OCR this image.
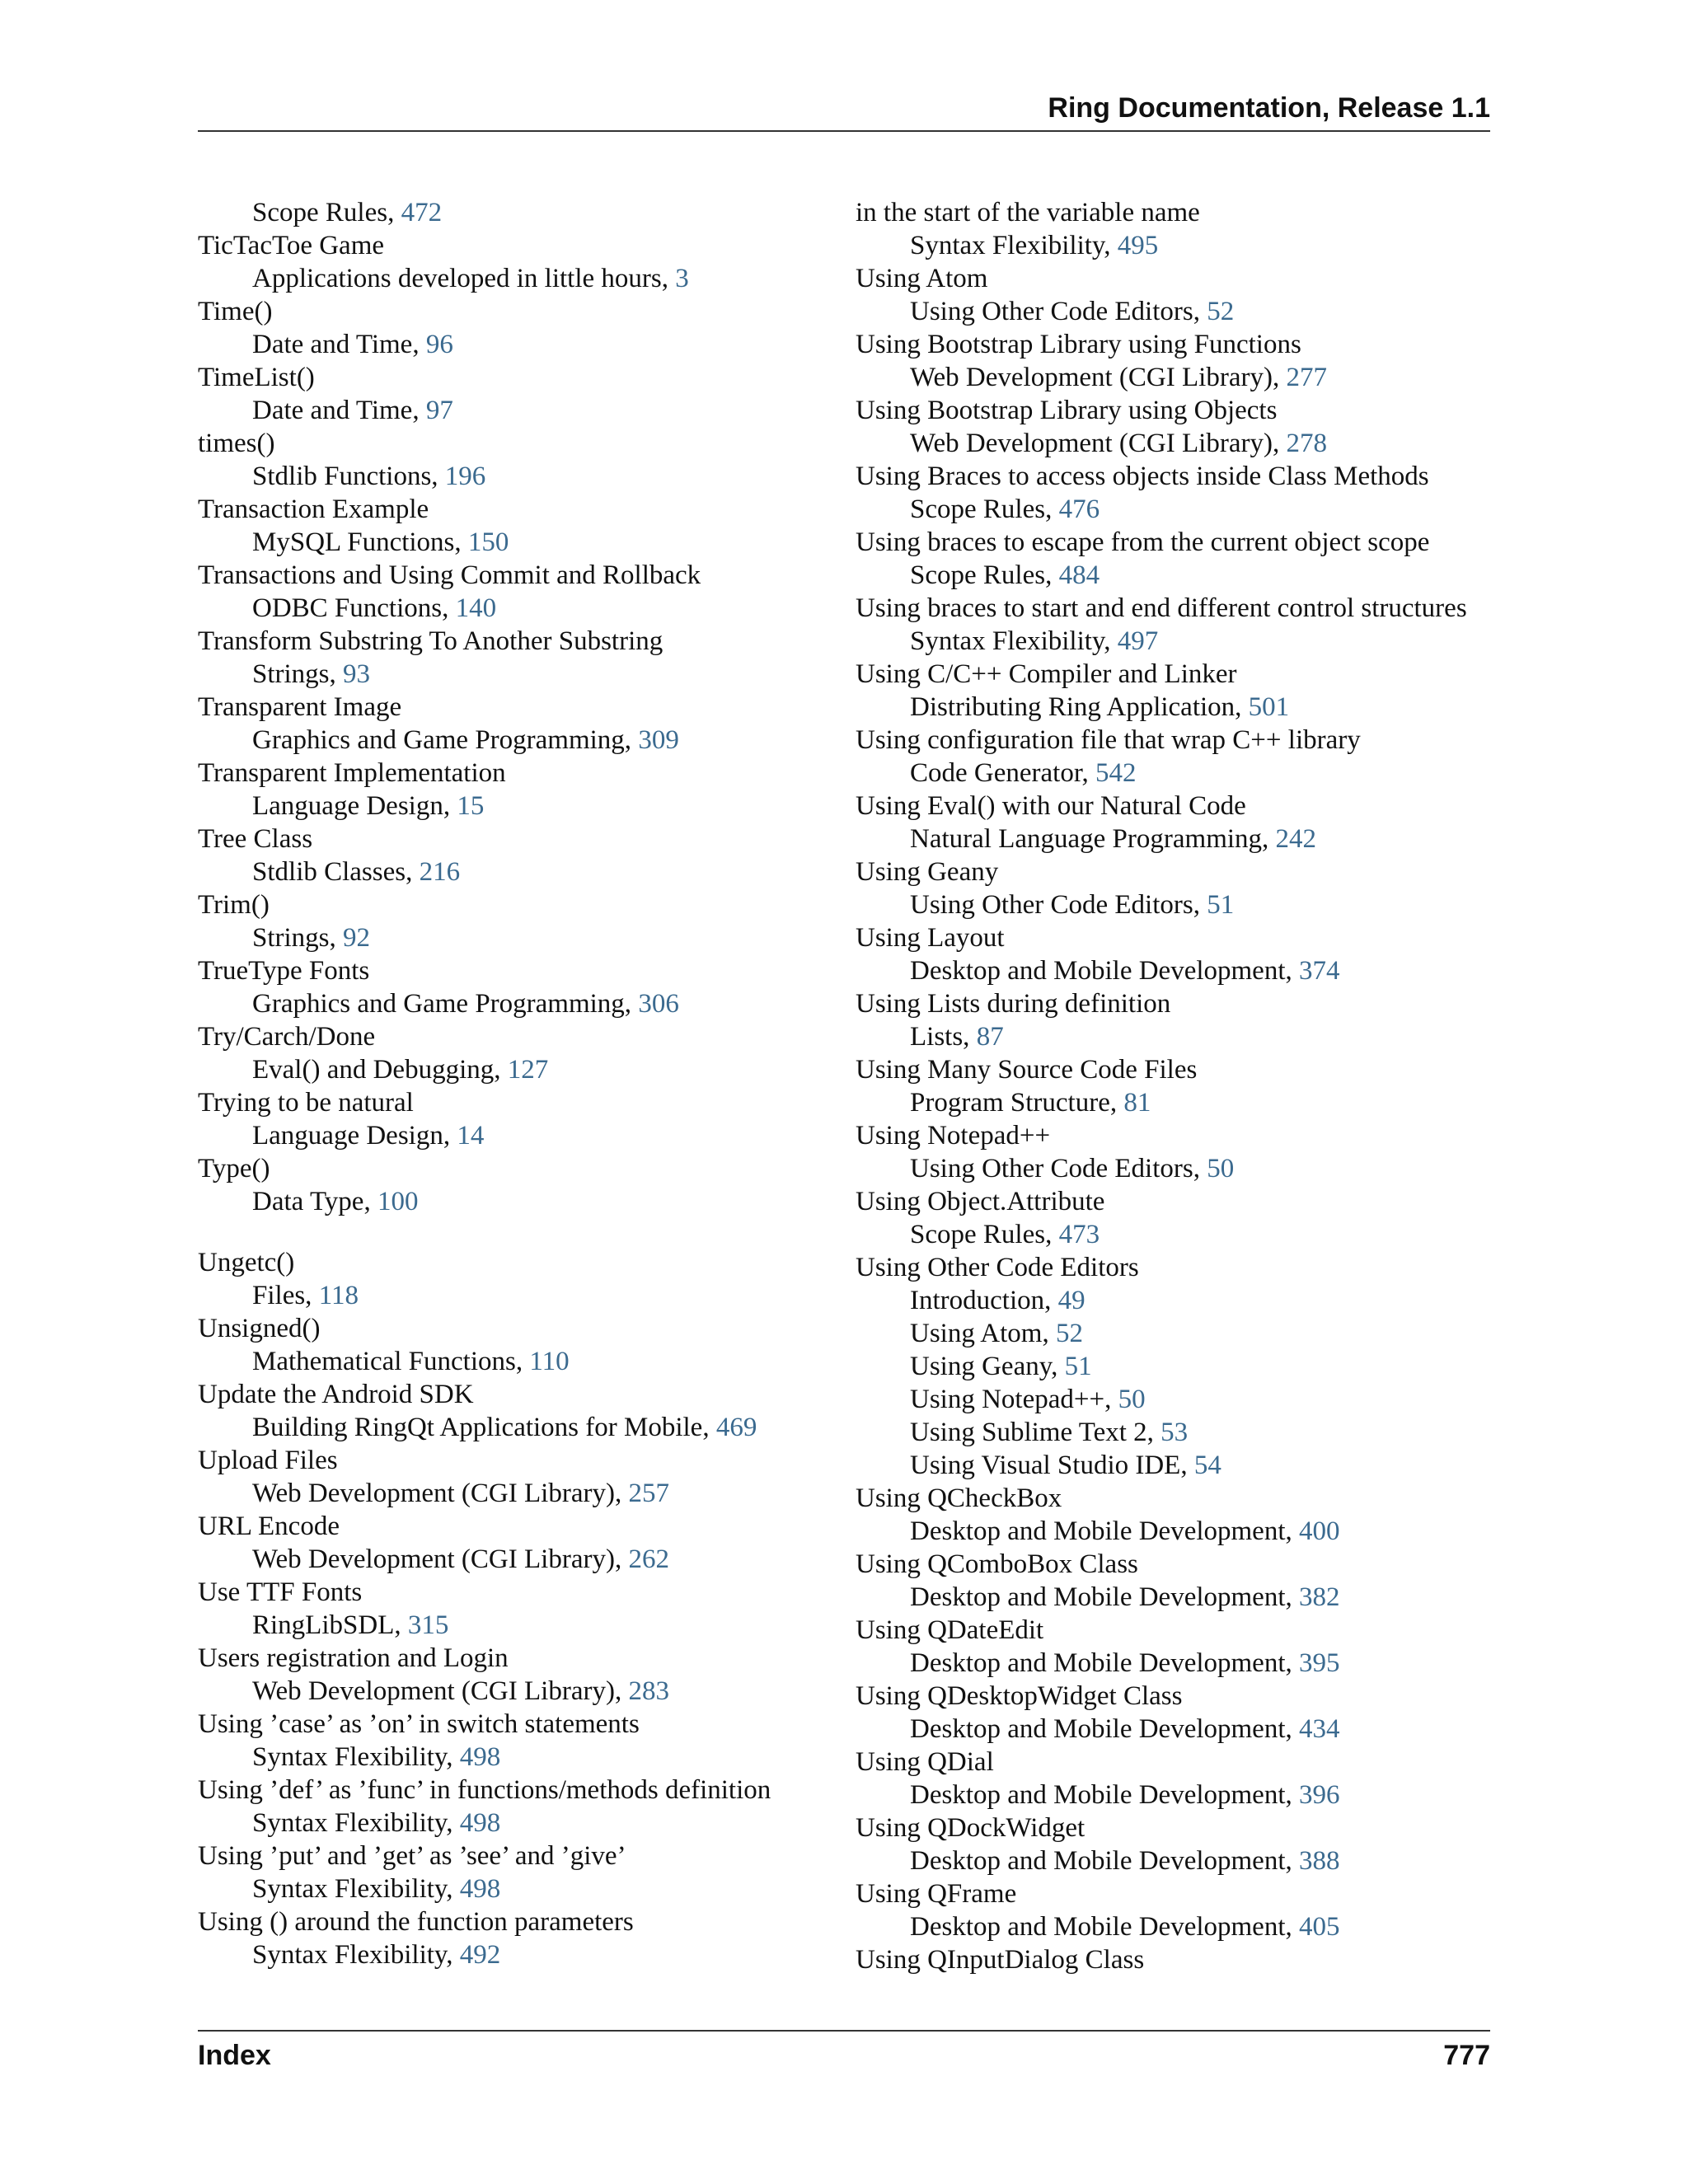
Ring Documentation, Release 1.1
Scope Rules, 472
TicTacToe Game
Applications developed in little hours, 3
Time()
Date and Time, 96
TimeList()
Date and Time, 97
times()
Stdlib Functions, 196
Transaction Example
MySQL Functions, 150
Transactions and Using Commit and Rollback
ODBC Functions, 140
Transform Substring To Another Substring
Strings, 93
Transparent Image
Graphics and Game Programming, 309
Transparent Implementation
Language Design, 15
Tree Class
Stdlib Classes, 216
Trim()
Strings, 92
TrueType Fonts
Graphics and Game Programming, 306
Try/Carch/Done
Eval() and Debugging, 127
Trying to be natural
Language Design, 14
Type()
Data Type, 100
Ungetc()
Files, 118
Unsigned()
Mathematical Functions, 110
Update the Android SDK
Building RingQt Applications for Mobile, 469
Upload Files
Web Development (CGI Library), 257
URL Encode
Web Development (CGI Library), 262
Use TTF Fonts
RingLibSDL, 315
Users registration and Login
Web Development (CGI Library), 283
Using ’case’ as ’on’ in switch statements
Syntax Flexibility, 498
Using ’def’ as ’func’ in functions/methods definition
Syntax Flexibility, 498
Using ’put’ and ’get’ as ’see’ and ’give’
Syntax Flexibility, 498
Using () around the function parameters
Syntax Flexibility, 492
in the start of the variable name
Syntax Flexibility, 495
Using Atom
Using Other Code Editors, 52
Using Bootstrap Library using Functions
Web Development (CGI Library), 277
Using Bootstrap Library using Objects
Web Development (CGI Library), 278
Using Braces to access objects inside Class Methods
Scope Rules, 476
Using braces to escape from the current object scope
Scope Rules, 484
Using braces to start and end different control structures
Syntax Flexibility, 497
Using C/C++ Compiler and Linker
Distributing Ring Application, 501
Using configuration file that wrap C++ library
Code Generator, 542
Using Eval() with our Natural Code
Natural Language Programming, 242
Using Geany
Using Other Code Editors, 51
Using Layout
Desktop and Mobile Development, 374
Using Lists during definition
Lists, 87
Using Many Source Code Files
Program Structure, 81
Using Notepad++
Using Other Code Editors, 50
Using Object.Attribute
Scope Rules, 473
Using Other Code Editors
Introduction, 49
Using Atom, 52
Using Geany, 51
Using Notepad++, 50
Using Sublime Text 2, 53
Using Visual Studio IDE, 54
Using QCheckBox
Desktop and Mobile Development, 400
Using QComboBox Class
Desktop and Mobile Development, 382
Using QDateEdit
Desktop and Mobile Development, 395
Using QDesktopWidget Class
Desktop and Mobile Development, 434
Using QDial
Desktop and Mobile Development, 396
Using QDockWidget
Desktop and Mobile Development, 388
Using QFrame
Desktop and Mobile Development, 405
Using QInputDialog Class
Index	777
